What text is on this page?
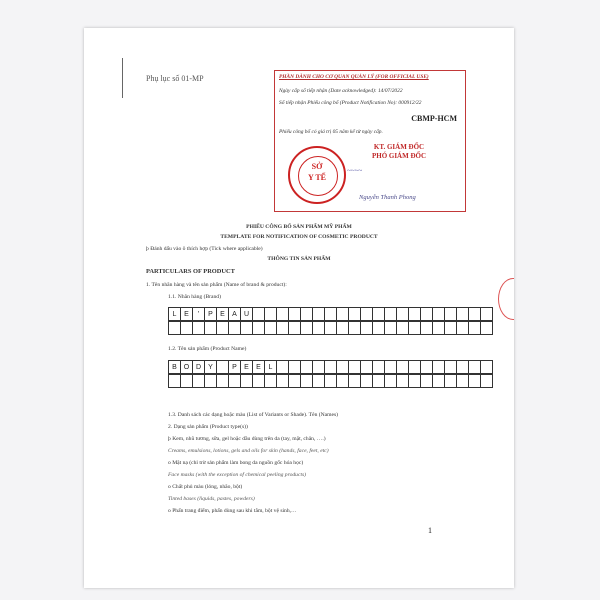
Phụ lục số 01-MP	PHẦN DÀNH CHO CƠ QUAN QUẢN LÝ (FOR OFFICIAL USE)
Ngày cấp số tiếp nhận (Date acknowledged): 14/07/2022
Số tiếp nhận Phiếu công bố (Product Notification No): 000912/22
CBMP-HCM
Phiếu công bố có giá trị 05 năm kể từ ngày cấp.
KT. GIÁM ĐỐC
PHÓ GIÁM ĐỐC
~~~~
Nguyễn Thanh Phong
SỞ
Y TẾ
PHIẾU CÔNG BỐ SẢN PHẨM MỸ PHẨM
TEMPLATE FOR NOTIFICATION OF COSMETIC PRODUCT
þ Đánh dấu vào ô thích hợp (Tick where applicable)
THÔNG TIN SẢN PHẨM
PARTICULARS OF PRODUCT
1. Tên nhãn hàng và tên sản phẩm (Name of brand & product):
1.1. Nhãn hàng (Brand)
L	E	'	P	E	A	U
1.2. Tên sản phẩm (Product Name)
B O D	Y	P	E	E	L
1.3. Danh sách các dạng hoặc màu (List of Variants or Shade). Tên (Names)
2. Dạng sản phẩm (Product type(s))
þ Kem, nhũ tương, sữa, gel hoặc dầu dùng trên da (tay, mặt, chân, ….)
Creams, emulsions, lotions, gels and oils for skin (hands, face, feet, etc)
o Mặt nạ (chỉ trừ sản phẩm làm bong da nguồn gốc hóa học)
Face masks (with the exception of chemical peeling products)
o Chất phủ màu (lỏng, nhão, bột)
Tinted bases (liquids, pastes, powders)
o Phấn trang điểm, phấn dùng sau khi tắm, bột vệ sinh,…
1
